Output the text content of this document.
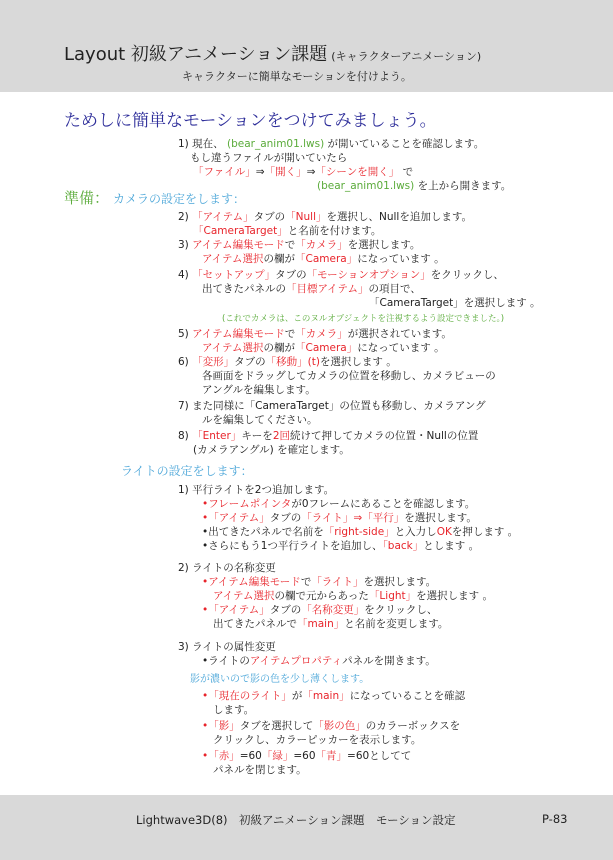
Layout 初級アニメーション課題 (キャラクターアニメーション)
キャラクターに簡単なモーションを付けよう。
ためしに簡単なモーションをつけてみましょう。
1) 現在、 (bear_anim01.lws) が開いていることを確認します。
もし違うファイルが開いていたら
「ファイル」⇒「開く」⇒「シーンを開く」 で
(bear_anim01.lws) を上から開きます。
準備： カメラの設定をします：
2) 「アイテム」タブの「Null」を選択し、Nullを追加します。
「CameraTarget」と名前を付けます。
3) アイテム編集モードで「カメラ」を選択します。
アイテム選択の欄が「Camera」になっています 。
4) 「セットアップ」タブの「モーションオプション」をクリックし、
出てきたパネルの「目標アイテム」の項目で、
「CameraTarget」を選択します 。
(これでカメラは、このヌルオブジェクトを注視するよう設定できました。)
5) アイテム編集モードで「カメラ」が選択されています。
アイテム選択の欄が「Camera」になっています 。
6) 「変形」タブの「移動」(t)を選択します 。
各画面をドラッグしてカメラの位置を移動し、カメラビューの
アングルを編集します。
7) また同様に「CameraTarget」の位置も移動し、カメラアング
ルを編集してください。
8) 「Enter」キーを2回続けて押してカメラの位置・Nullの位置
(カメラアングル) を確定します。
ライトの設定をします：
1) 平行ライトを2つ追加します。
•フレームポインタが0フレームにあることを確認します。
•「アイテム」タブの「ライト」⇒「平行」を選択します。
•出てきたパネルで名前を「right-side」と入力しOKを押します 。
•さらにもう1つ平行ライトを追加し、「back」とします 。
2) ライトの名称変更
•アイテム編集モードで「ライト」を選択します。
アイテム選択の欄で元からあった「Light」を選択します 。
•「アイテム」タブの「名称変更」をクリックし、
出てきたパネルで「main」と名前を変更します。
3) ライトの属性変更
•ライトのアイテムプロパティパネルを開きます。
影が濃いので影の色を少し薄くします。
•「現在のライト」が「main」になっていることを確認
します。
•「影」タブを選択して「影の色」のカラーボックスを
クリックし、カラーピッカーを表示します。
•「赤」=60「緑」=60「青」=60としてて
パネルを閉じます。
Lightwave3D(8)　初級アニメーション課題　モーション設定	P-83
